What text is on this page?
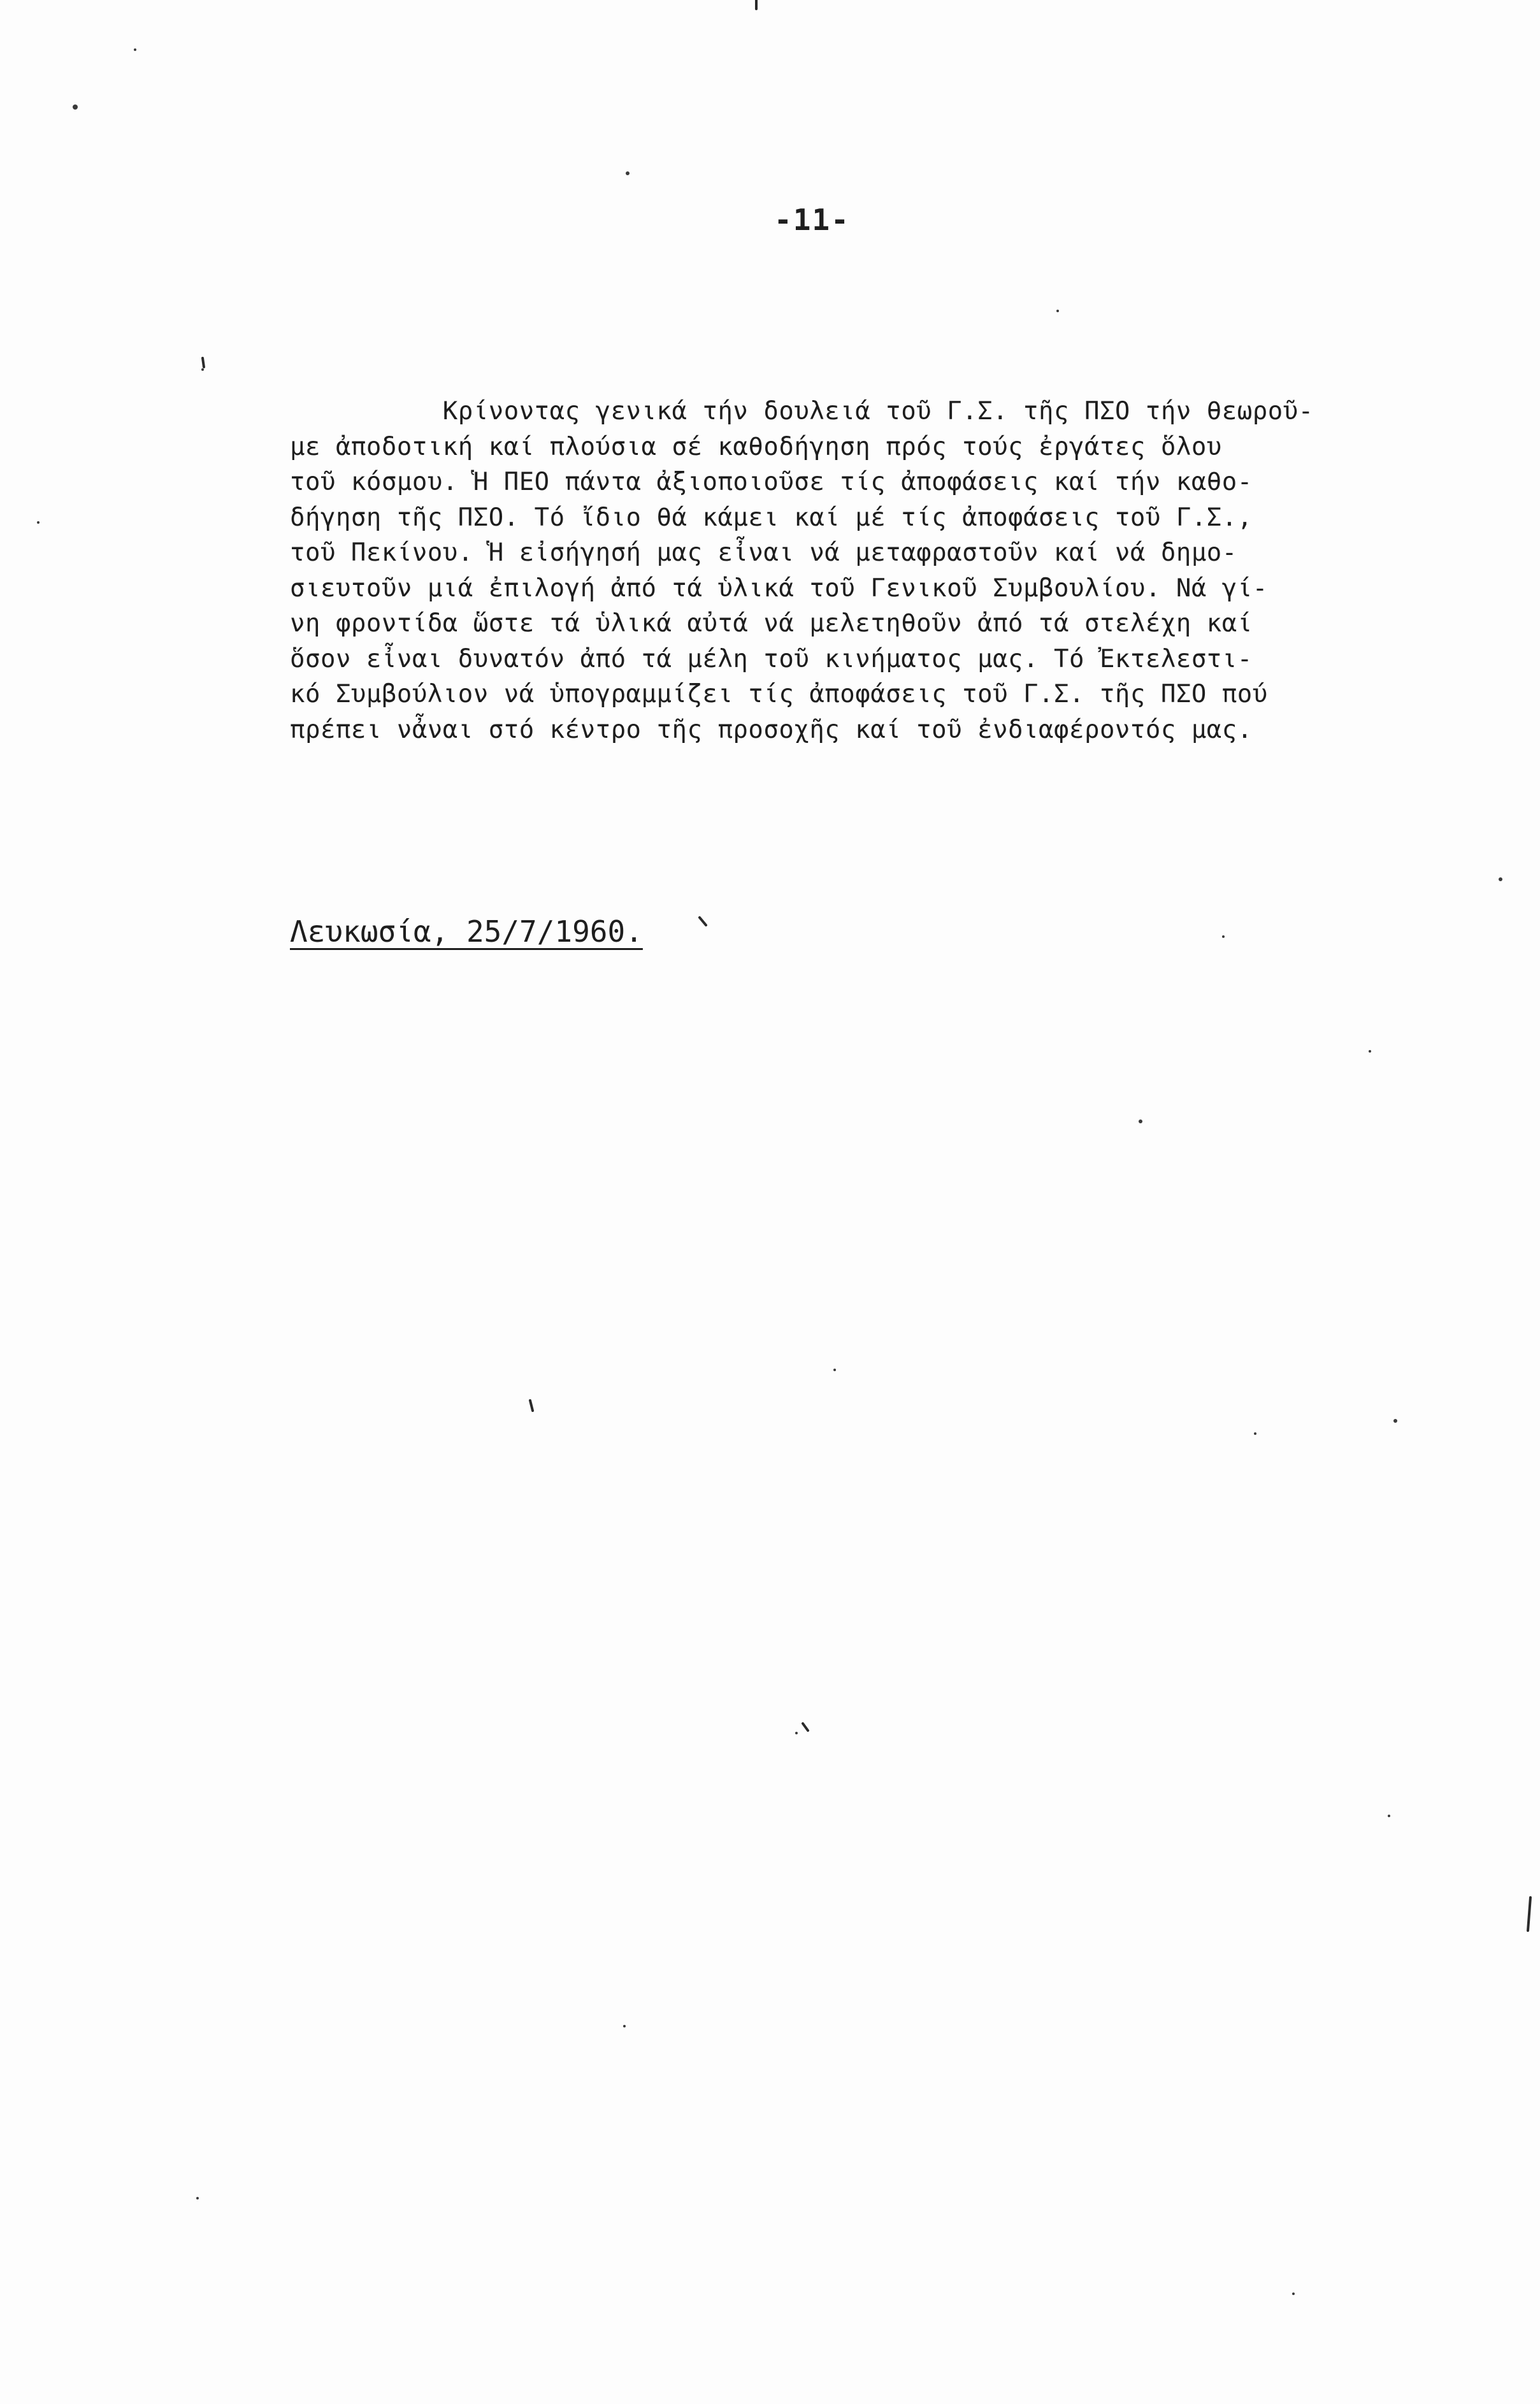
-11-
Κρίνοντας γενικά τήν δουλειά τοῦ Γ.Σ. τῆς ΠΣΟ τήν θεωροῦ-
με ἀποδοτική καί πλούσια σέ καθοδήγηση πρός τούς ἐργάτες ὅλου
τοῦ κόσμου. Ἡ ΠΕΟ πάντα ἀξιοποιοῦσε τίς ἀποφάσεις καί τήν καθο-
δήγηση τῆς ΠΣΟ. Τό ἴδιο θά κάμει καί μέ τίς ἀποφάσεις τοῦ Γ.Σ.,
τοῦ Πεκίνου. Ἡ εἰσήγησή μας εἶναι νά μεταφραστοῦν καί νά δημο-
σιευτοῦν μιά ἐπιλογή ἀπό τά ὑλικά τοῦ Γενικοῦ Συμβουλίου. Νά γί-
νη φροντίδα ὥστε τά ὑλικά αὐτά νά μελετηθοῦν ἀπό τά στελέχη καί
ὅσον εἶναι δυνατόν ἀπό τά μέλη τοῦ κινήματος μας. Τό Ἐκτελεστι-
κό Συμβούλιον νά ὑπογραμμίζει τίς ἀποφάσεις τοῦ Γ.Σ. τῆς ΠΣΟ πού
πρέπει νἆναι στό κέντρο τῆς προσοχῆς καί τοῦ ἐνδιαφέροντός μας.
Λευκωσία, 25/7/1960.
